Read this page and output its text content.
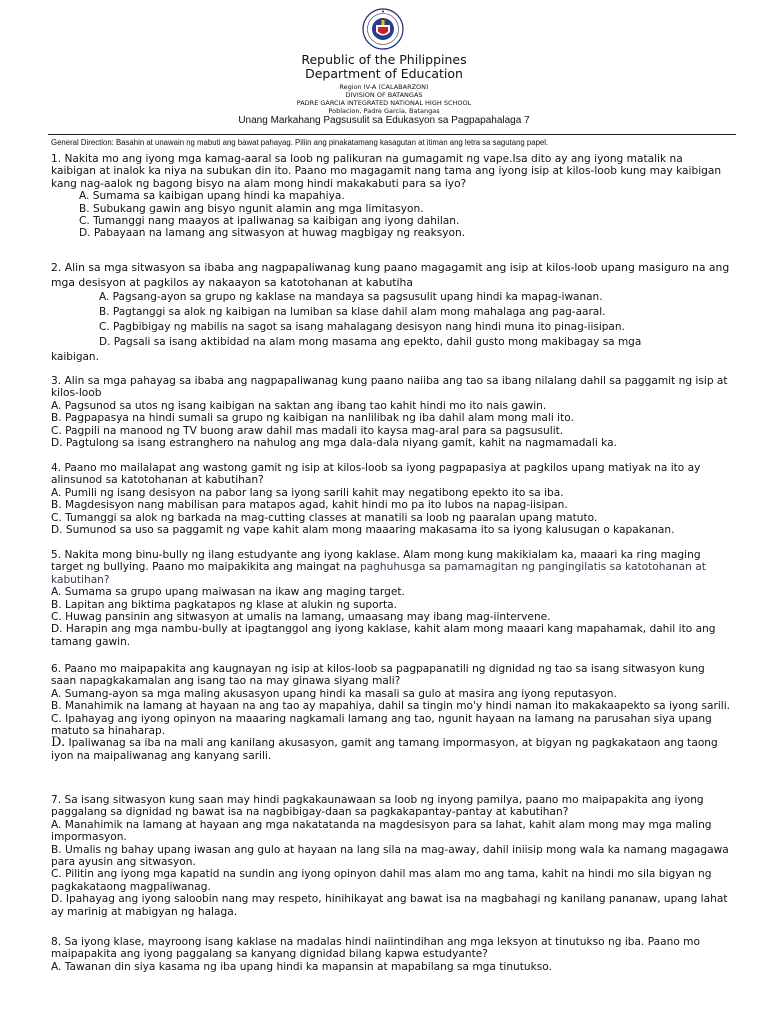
Republic of the Philippines
Department of Education
Region IV-A (CALABARZON)
DIVISION OF BATANGAS
PADRE GARCIA INTEGRATED NATIONAL HIGH SCHOOL
Poblacion, Padre Garcia, Batangas
Unang Markahang Pagsusulit sa Edukasyon sa Pagpapahalaga 7
General Direction: Basahin at unawain ng mabuti ang bawat pahayag. Piliin ang pinakatamang kasagutan at itiman ang letra sa sagutang papel.
1. Nakita mo ang iyong mga kamag-aaral sa loob ng palikuran na gumagamit ng vape.Isa dito ay ang iyong matalik na kaibigan at inalok ka niya na subukan din ito. Paano mo magagamit nang tama ang iyong isip at kilos-loob kung may kaibigan kang nag-aalok ng bagong bisyo na alam mong hindi makakabuti para sa iyo?
A. Sumama sa kaibigan upang hindi ka mapahiya.
B. Subukang gawin ang bisyo ngunit alamin ang mga limitasyon.
C. Tumanggi nang maayos at ipaliwanag sa kaibigan ang iyong dahilan.
D. Pabayaan na lamang ang sitwasyon at huwag magbigay ng reaksyon.
2. Alin sa mga sitwasyon sa ibaba ang nagpapaliwanag kung paano magagamit ang isip at kilos-loob upang masiguro na ang mga desisyon at pagkilos ay nakaayon sa katotohanan at kabutiha
A. Pagsang-ayon sa grupo ng kaklase na mandaya sa pagsusulit upang hindi ka mapag-iwanan.
B. Pagtanggi sa alok ng kaibigan na lumiban sa klase dahil alam mong mahalaga ang pag-aaral.
C. Pagbibigay ng mabilis na sagot sa isang mahalagang desisyon nang hindi muna ito pinag-iisipan.
D. Pagsali sa isang aktibidad na alam mong masama ang epekto, dahil gusto mong makibagay sa mga
kaibigan.
3. Alin sa mga pahayag sa ibaba ang nagpapaliwanag kung paano naiiba ang tao sa ibang nilalang dahil sa paggamit ng isip at kilos-loob
A. Pagsunod sa utos ng isang kaibigan na saktan ang ibang tao kahit hindi mo ito nais gawin.
B. Pagpapasya na hindi sumali sa grupo ng kaibigan na nanlilibak ng iba dahil alam mong mali ito.
C. Pagpili na manood ng TV buong araw dahil mas madali ito kaysa mag-aral para sa pagsusulit.
D. Pagtulong sa isang estranghero na nahulog ang mga dala-dala niyang gamit, kahit na nagmamadali ka.
4. Paano mo mailalapat ang wastong gamit ng isip at kilos-loob sa iyong pagpapasiya at pagkilos upang matiyak na ito ay alinsunod sa katotohanan at kabutihan?
A. Pumili ng isang desisyon na pabor lang sa iyong sarili kahit may negatibong epekto ito sa iba.
B. Magdesisyon nang mabilisan para matapos agad, kahit hindi mo pa ito lubos na napag-iisipan.
C. Tumanggi sa alok ng barkada na mag-cutting classes at manatili sa loob ng paaralan upang matuto.
D. Sumunod sa uso sa paggamit ng vape kahit alam mong maaaring makasama ito sa iyong kalusugan o kapakanan.
5. Nakita mong binu-bully ng ilang estudyante ang iyong kaklase. Alam mong kung makikialam ka, maaari ka ring maging target ng bullying. Paano mo maipakikita ang maingat na paghuhusga sa pamamagitan ng pangingilatis sa katotohanan at kabutihan?
A. Sumama sa grupo upang maiwasan na ikaw ang maging target.
B. Lapitan ang biktima pagkatapos ng klase at alukin ng suporta.
C. Huwag pansinin ang sitwasyon at umalis na lamang, umaasang may ibang mag-iintervene.
D. Harapin ang mga nambu-bully at ipagtanggol ang iyong kaklase, kahit alam mong maaari kang mapahamak, dahil ito ang tamang gawin.
6. Paano mo maipapakita ang kaugnayan ng isip at kilos-loob sa pagpapanatili ng dignidad ng tao sa isang sitwasyon kung saan napagkakamalan ang isang tao na may ginawa siyang mali?
A. Sumang-ayon sa mga maling akusasyon upang hindi ka masali sa gulo at masira ang iyong reputasyon.
B. Manahimik na lamang at hayaan na ang tao ay mapahiya, dahil sa tingin mo'y hindi naman ito makakaapekto sa iyong sarili.
C. Ipahayag ang iyong opinyon na maaaring nagkamali lamang ang tao, ngunit hayaan na lamang na parusahan siya upang matuto sa hinaharap.
D. Ipaliwanag sa iba na mali ang kanilang akusasyon, gamit ang tamang impormasyon, at bigyan ng pagkakataon ang taong iyon na maipaliwanag ang kanyang sarili.
7. Sa isang sitwasyon kung saan may hindi pagkakaunawaan sa loob ng inyong pamilya, paano mo maipapakita ang iyong paggalang sa dignidad ng bawat isa na nagbibigay-daan sa pagkakapantay-pantay at kabutihan?
A. Manahimik na lamang at hayaan ang mga nakatatanda na magdesisyon para sa lahat, kahit alam mong may mga maling impormasyon.
B. Umalis ng bahay upang iwasan ang gulo at hayaan na lang sila na mag-away, dahil iniisip mong wala ka namang magagawa para ayusin ang sitwasyon.
C. Pilitin ang iyong mga kapatid na sundin ang iyong opinyon dahil mas alam mo ang tama, kahit na hindi mo sila bigyan ng pagkakataong magpaliwanag.
D. Ipahayag ang iyong saloobin nang may respeto, hinihikayat ang bawat isa na magbahagi ng kanilang pananaw, upang lahat ay marinig at mabigyan ng halaga.
8. Sa iyong klase, mayroong isang kaklase na madalas hindi naiintindihan ang mga leksyon at tinutukso ng iba. Paano mo maipapakita ang iyong paggalang sa kanyang dignidad bilang kapwa estudyante?
A. Tawanan din siya kasama ng iba upang hindi ka mapansin at mapabilang sa mga tinutukso.
